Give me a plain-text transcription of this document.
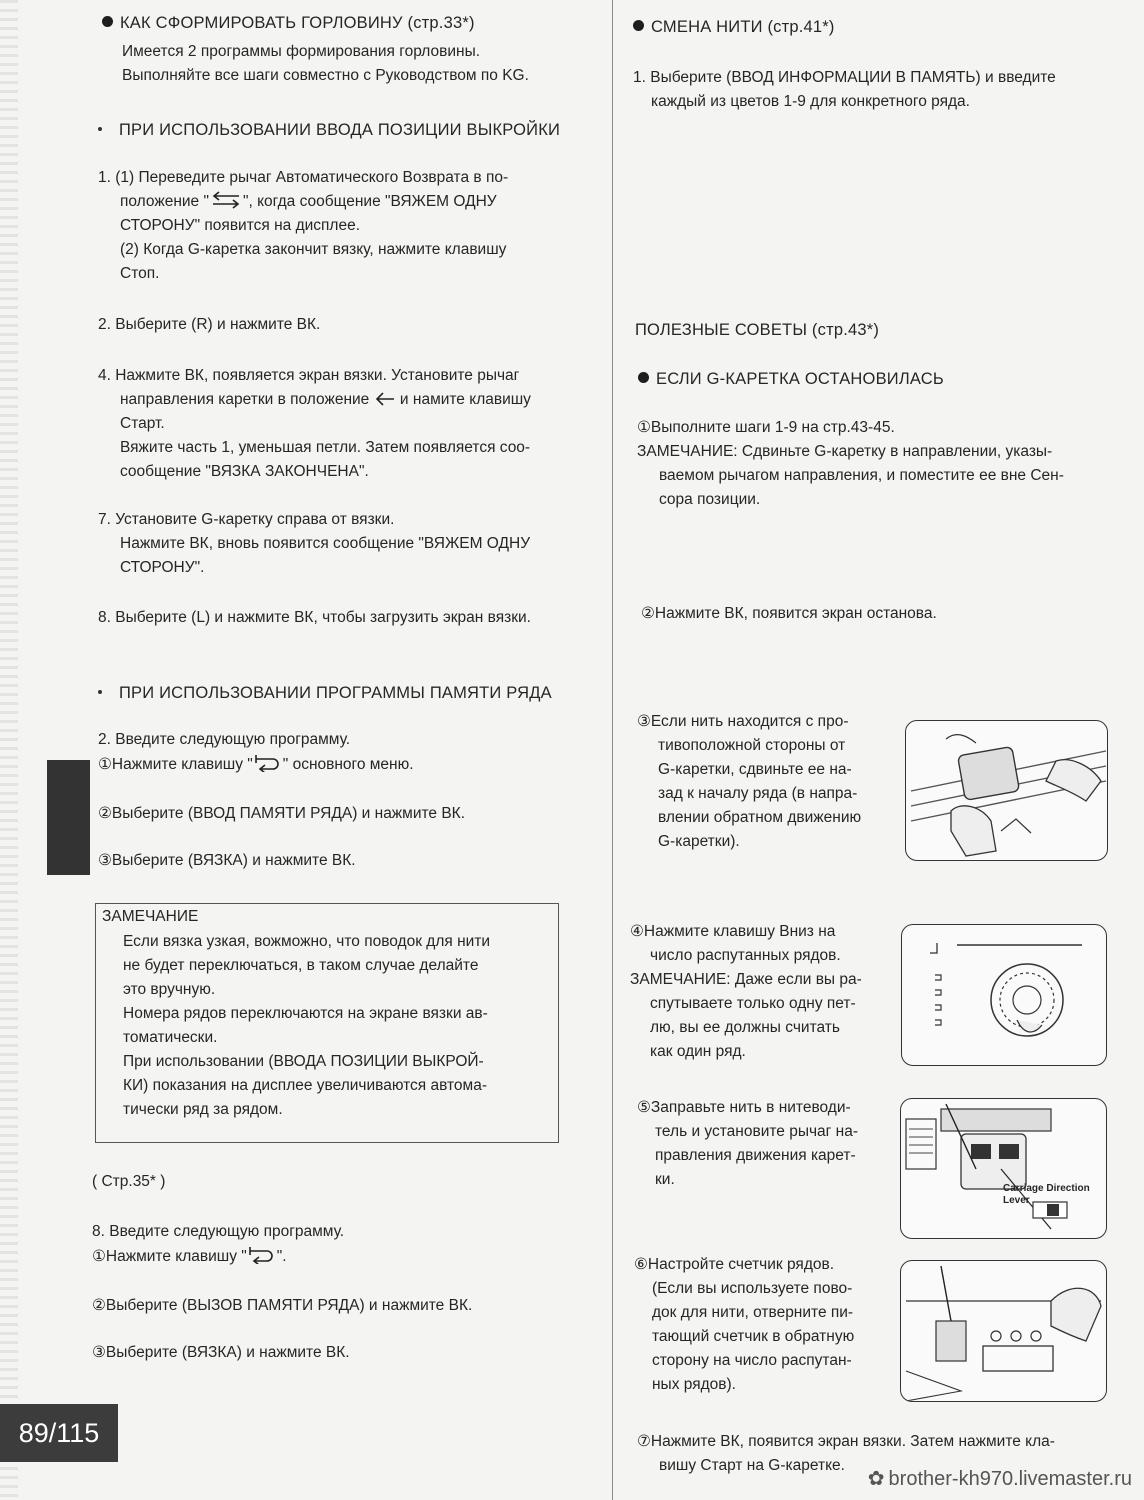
КАК СФОРМИРОВАТЬ ГОРЛОВИНУ (стр.33*)
Имеется 2 программы формирования горловины.
Выполняйте все шаги совместно с Руководством по KG.
ПРИ ИСПОЛЬЗОВАНИИ ВВОДА ПОЗИЦИИ ВЫКРОЙКИ
1. (1) Переведите рычаг Автоматического Возврата в по-
положение " ", когда сообщение "ВЯЖЕМ ОДНУ
СТОРОНУ" появится на дисплее.
(2) Когда G-каретка закончит вязку, нажмите клавишу
Стоп.
2. Выберите (R) и нажмите ВК.
4. Нажмите ВК, появляется экран вязки. Установите рычаг
направления каретки в положение и намите клавишу
Старт.
Вяжите часть 1, уменьшая петли. Затем появляется соо-
сообщение "ВЯЗКА ЗАКОНЧЕНА".
7. Установите G-каретку справа от вязки.
Нажмите ВК, вновь появится сообщение "ВЯЖЕМ ОДНУ
СТОРОНУ".
8. Выберите (L) и нажмите ВК, чтобы загрузить экран вязки.
ПРИ ИСПОЛЬЗОВАНИИ ПРОГРАММЫ ПАМЯТИ РЯДА
2. Введите следующую программу.
①Нажмите клавишу " " основного меню.
②Выберите (ВВОД ПАМЯТИ РЯДА) и нажмите ВК.
③Выберите (ВЯЗКА) и нажмите ВК.
ЗАМЕЧАНИЕ
Если вязка узкая, вожможно, что поводок для нити
не будет переключаться, в таком случае делайте
это вручную.
Номера рядов переключаются на экране вязки ав-
томатически.
При использовании (ВВОДА ПОЗИЦИИ ВЫКРОЙ-
КИ) показания на дисплее увеличиваются автома-
тически ряд за рядом.
( Стр.35* )
8. Введите следующую программу.
①Нажмите клавишу " ".
②Выберите (ВЫЗОВ ПАМЯТИ РЯДА) и нажмите ВК.
③Выберите (ВЯЗКА) и нажмите ВК.
СМЕНА НИТИ (стр.41*)
1. Выберите (ВВОД ИНФОРМАЦИИ В ПАМЯТЬ) и введите
каждый из цветов 1-9 для конкретного ряда.
ПОЛЕЗНЫЕ СОВЕТЫ (стр.43*)
ЕСЛИ G-КАРЕТКА ОСТАНОВИЛАСЬ
①Выполните шаги 1-9 на стр.43-45.
ЗАМЕЧАНИЕ: Сдвиньте G-каретку в направлении, указы-
ваемом рычагом направления, и поместите ее вне Сен-
сора позиции.
②Нажмите ВК, появится экран останова.
③Если нить находится с про-
тивоположной стороны от
G-каретки, сдвиньте ее на-
зад к началу ряда (в напра-
влении обратном движению
G-каретки).
④Нажмите клавишу Вниз на
число распутанных рядов.
ЗАМЕЧАНИЕ: Даже если вы ра-
спутываете только одну пет-
лю, вы ее должны считать
как один ряд.
⑤Заправьте нить в нитеводи-
тель и установите рычаг на-
правления движения карет-
ки.
Carriage Direction
Lever
⑥Настройте счетчик рядов.
(Если вы используете пово-
док для нити, отверните пи-
тающий счетчик в обратную
сторону на число распутан-
ных рядов).
⑦Нажмите ВК, появится экран вязки. Затем нажмите кла-
вишу Старт на G-каретке.
89/115
✿ brother-kh970.livemaster.ru
